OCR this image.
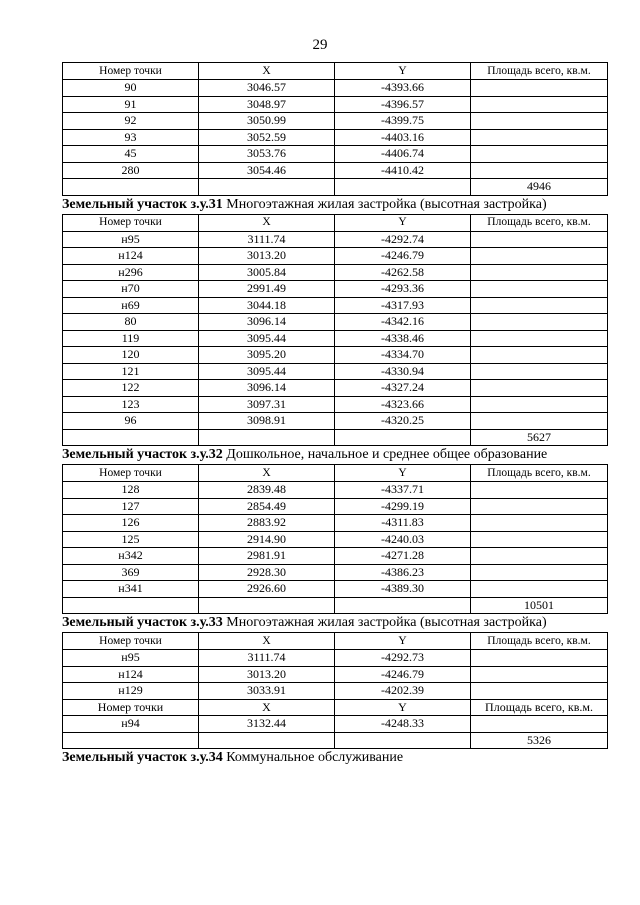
29
Номер точки	X	Y	Площадь всего, кв.м.
90	3046.57	-4393.66	
91	3048.97	-4396.57	
92	3050.99	-4399.75	
93	3052.59	-4403.16	
45	3053.76	-4406.74	
280	3054.46	-4410.42	
			4946
Земельный участок з.у.31 Многоэтажная жилая застройка (высотная застройка)
Номер точки	X	Y	Площадь всего, кв.м.
н95	3111.74	-4292.74	
н124	3013.20	-4246.79	
н296	3005.84	-4262.58	
н70	2991.49	-4293.36	
н69	3044.18	-4317.93	
80	3096.14	-4342.16	
119	3095.44	-4338.46	
120	3095.20	-4334.70	
121	3095.44	-4330.94	
122	3096.14	-4327.24	
123	3097.31	-4323.66	
96	3098.91	-4320.25	
			5627
Земельный участок з.у.32 Дошкольное, начальное и среднее общее образование
Номер точки	X	Y	Площадь всего, кв.м.
128	2839.48	-4337.71	
127	2854.49	-4299.19	
126	2883.92	-4311.83	
125	2914.90	-4240.03	
н342	2981.91	-4271.28	
369	2928.30	-4386.23	
н341	2926.60	-4389.30	
			10501
Земельный участок з.у.33 Многоэтажная жилая застройка (высотная застройка)
Номер точки	X	Y	Площадь всего, кв.м.
н95	3111.74	-4292.73	
н124	3013.20	-4246.79	
н129	3033.91	-4202.39	
Номер точки	X	Y	Площадь всего, кв.м.
н94	3132.44	-4248.33	
			5326
Земельный участок з.у.34 Коммунальное обслуживание
